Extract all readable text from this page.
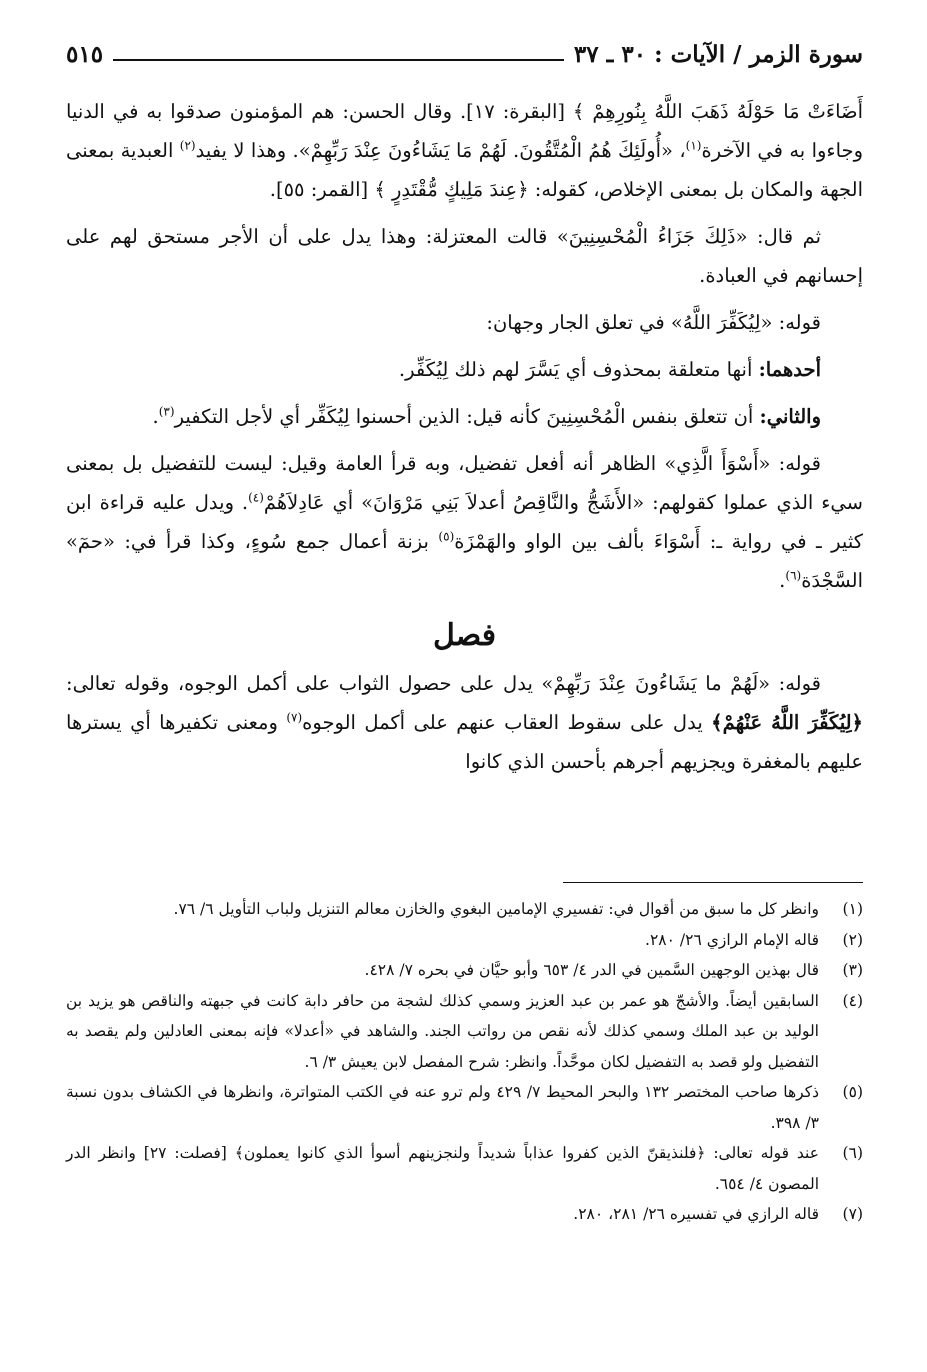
سورة الزمر / الآيات : ٣٠ ـ ٣٧
٥١٥

أَضَاءَتْ مَا حَوْلَهُ ذَهَبَ اللَّهُ بِنُورِهِمْ ﴾ [البقرة: ١٧]. وقال الحسن: هم المؤمنون صدقوا به في الدنيا وجاءوا به في الآخرة$^{(١)}$، «أُولَئِكَ هُمُ الْمُتَّقُونَ. لَهُمْ مَا يَشَاءُونَ عِنْدَ رَبِّهِمْ». وهذا لا يفيد$^{(٢)}$ العبدية بمعنى الجهة والمكان بل بمعنى الإخلاص، كقوله: ﴿عِندَ مَلِيكٍ مُّقْتَدِرٍ ﴾ [القمر: ٥٥].

ثم قال: «ذَلِكَ جَزَاءُ الْمُحْسِنِينَ» قالت المعتزلة: وهذا يدل على أن الأجر مستحق لهم على إحسانهم في العبادة.

قوله: «لِيُكَفِّرَ اللَّهُ» في تعلق الجار وجهان:

أحدهما: أنها متعلقة بمحذوف أي يَسَّرَ لهم ذلك لِيُكَفِّر.

والثاني: أن تتعلق بنفس الْمُحْسِنِينَ كأنه قيل: الذين أحسنوا لِيُكَفِّر أي لأجل التكفير$^{(٣)}$.

قوله: «أَسْوَأَ الَّذِي» الظاهر أنه أفعل تفضيل، وبه قرأ العامة وقيل: ليست للتفضيل بل بمعنى سيء الذي عملوا كقولهم: «الأَشَجُّ والنَّاقِصُ أعدلاَ بَنِي مَرْوَانَ» أي عَادِلاَهُمْ$^{(٤)}$. ويدل عليه قراءة ابن كثير ـ في رواية ـ: أَسْوَاءَ بألف بين الواو والهَمْزَة$^{(٥)}$ بزنة أعمال جمع سُوءٍ، وكذا قرأ في: «حمٓ» السَّجْدَة$^{(٦)}$.

فصل

قوله: «لَهُمْ ما يَشَاءُونَ عِنْدَ رَبِّهِمْ» يدل على حصول الثواب على أكمل الوجوه، وقوله تعالى: ﴿لِيُكَفِّرَ اللَّهُ عَنْهُمْ﴾ يدل على سقوط العقاب عنهم على أكمل الوجوه$^{(٧)}$ ومعنى تكفيرها أي يسترها عليهم بالمغفرة ويجزيهم أجرهم بأحسن الذي كانوا

(١)
وانظر كل ما سبق من أقوال في: تفسيري الإمامين البغوي والخازن معالم التنزيل ولباب التأويل ٦/ ٧٦.
(٢)
قاله الإمام الرازي ٢٦/ ٢٨٠.
(٣)
قال بهذين الوجهين السَّمين في الدر ٤/ ٦٥٣ وأبو حيَّان في بحره ٧/ ٤٢٨.
(٤)
السابقين أيضاً. والأشجّ هو عمر بن عبد العزيز وسمي كذلك لشجة من حافر دابة كانت في جبهته والناقص هو يزيد بن الوليد بن عبد الملك وسمي كذلك لأنه نقص من رواتب الجند. والشاهد في «أعدلا» فإنه بمعنى العادلين ولم يقصد به التفضيل ولو قصد به التفضيل لكان موحَّداً. وانظر: شرح المفصل لابن يعيش ٣/ ٦.
(٥)
ذكرها صاحب المختصر ١٣٢ والبحر المحيط ٧/ ٤٢٩ ولم ترو عنه في الكتب المتواترة، وانظرها في الكشاف بدون نسبة ٣/ ٣٩٨.
(٦)
عند قوله تعالى: ﴿فلنذيقنّ الذين كفروا عذاباً شديداً ولنجزينهم أسوأ الذي كانوا يعملون﴾ [فصلت: ٢٧] وانظر الدر المصون ٤/ ٦٥٤.
(٧)
قاله الرازي في تفسيره ٢٦/ ٢٨١، ٢٨٠.
